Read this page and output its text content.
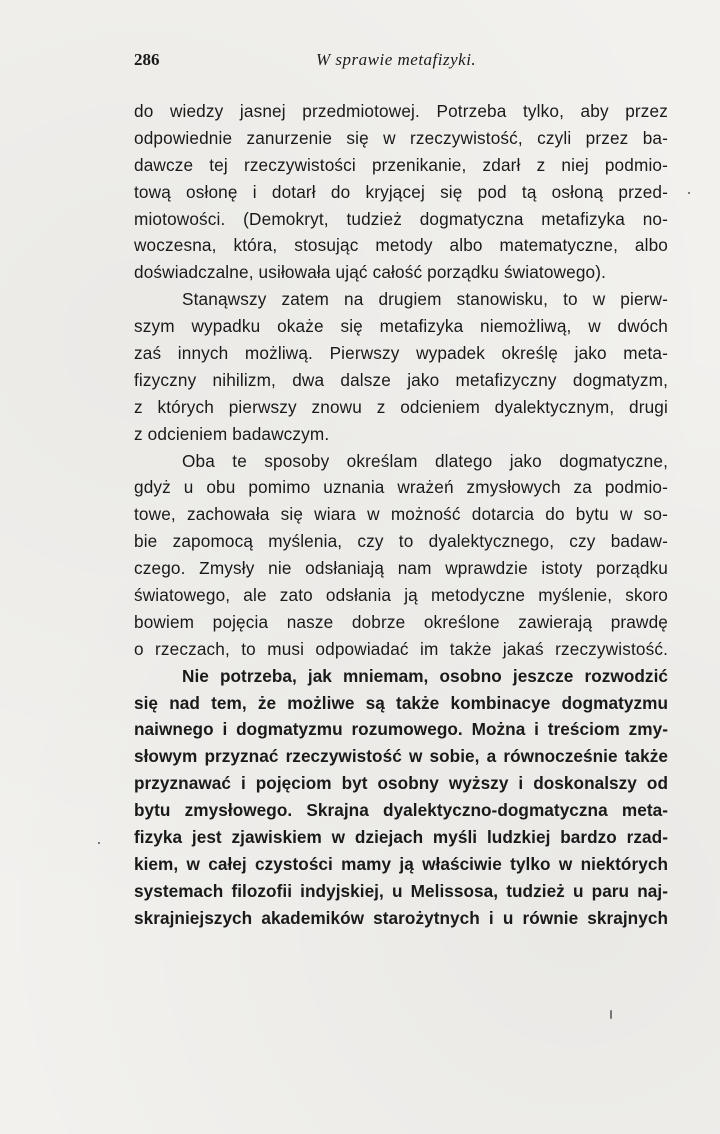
286	W sprawie metafizyki.
do wiedzy jasnej przedmiotowej. Potrzeba tylko, aby przez
odpowiednie zanurzenie się w rzeczywistość, czyli przez ba-
dawcze tej rzeczywistości przenikanie, zdarł z niej podmio-
tową osłonę i dotarł do kryjącej się pod tą osłoną przed-
miotowości. (Demokryt, tudzież dogmatyczna metafizyka no-
woczesna, która, stosując metody albo matematyczne, albo
doświadczalne, usiłowała ująć całość porządku światowego).
Stanąwszy zatem na drugiem stanowisku, to w pierw-
szym wypadku okaże się metafizyka niemożliwą, w dwóch
zaś innych możliwą. Pierwszy wypadek określę jako meta-
fizyczny nihilizm, dwa dalsze jako metafizyczny dogmatyzm,
z których pierwszy znowu z odcieniem dyalektycznym, drugi
z odcieniem badawczym.
Oba te sposoby określam dlatego jako dogmatyczne,
gdyż u obu pomimo uznania wrażeń zmysłowych za podmio-
towe, zachowała się wiara w możność dotarcia do bytu w so-
bie zapomocą myślenia, czy to dyalektycznego, czy badaw-
czego. Zmysły nie odsłaniają nam wprawdzie istoty porządku
światowego, ale zato odsłania ją metodyczne myślenie, skoro
bowiem pojęcia nasze dobrze określone zawierają prawdę
o rzeczach, to musi odpowiadać im także jakaś rzeczywistość.
Nie potrzeba, jak mniemam, osobno jeszcze rozwodzić
się nad tem, że możliwe są także kombinacye dogmatyzmu
naiwnego i dogmatyzmu rozumowego. Można i treściom zmy-
słowym przyznać rzeczywistość w sobie, a równocześnie także
przyznawać i pojęciom byt osobny wyższy i doskonalszy od
bytu zmysłowego. Skrajna dyalektyczno-dogmatyczna meta-
fizyka jest zjawiskiem w dziejach myśli ludzkiej bardzo rzad-
kiem, w całej czystości mamy ją właściwie tylko w niektórych
systemach filozofii indyjskiej, u Melissosa, tudzież u paru naj-
skrajniejszych akademików starożytnych i u równie skrajnych
